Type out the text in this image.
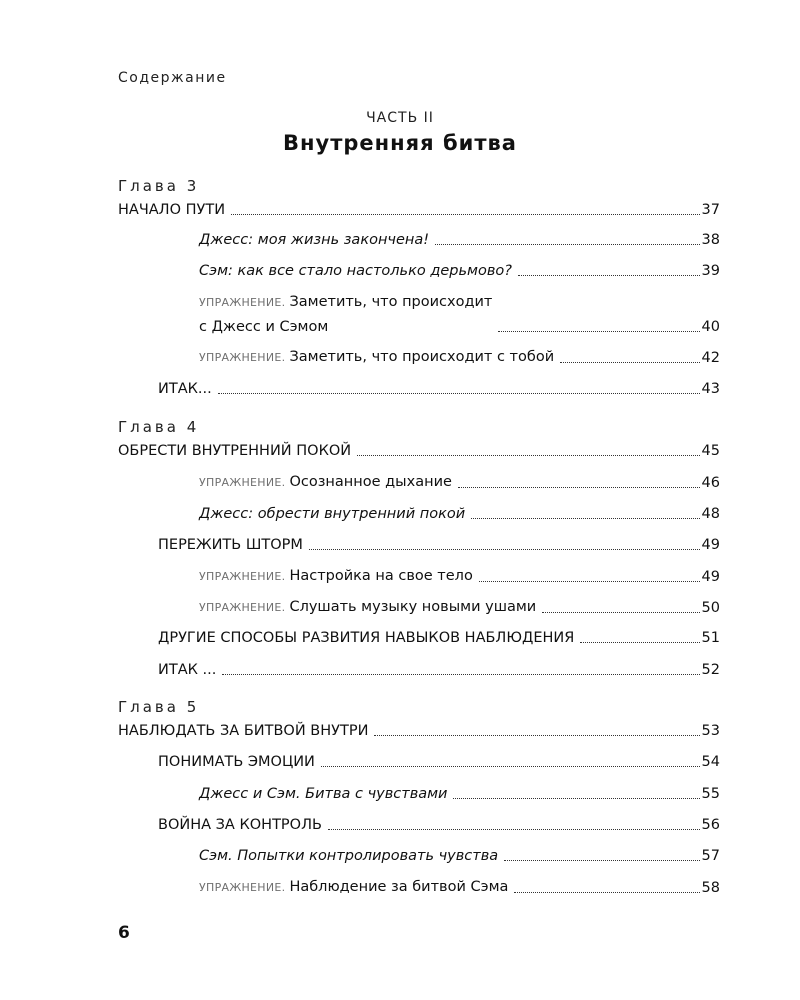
Содержание
ЧАСТЬ II
Внутренняя битва
Глава 3
НАЧАЛО ПУТИ	37
Джесс: моя жизнь закончена!	38
Сэм: как все стало настолько дерьмово?	39
УПРАЖНЕНИЕ. Заметить, что происходит
с Джесс и Сэмом	40
УПРАЖНЕНИЕ. Заметить, что происходит с тобой	42
ИТАК...	43
Глава 4
ОБРЕСТИ ВНУТРЕННИЙ ПОКОЙ	45
УПРАЖНЕНИЕ. Осознанное дыхание	46
Джесс: обрести внутренний покой	48
ПЕРЕЖИТЬ ШТОРМ	49
УПРАЖНЕНИЕ. Настройка на свое тело	49
УПРАЖНЕНИЕ. Слушать музыку новыми ушами	50
ДРУГИЕ СПОСОБЫ РАЗВИТИЯ НАВЫКОВ НАБЛЮДЕНИЯ	51
ИТАК ...	52
Глава 5
НАБЛЮДАТЬ ЗА БИТВОЙ ВНУТРИ	53
ПОНИМАТЬ ЭМОЦИИ	54
Джесс и Сэм. Битва с чувствами	55
ВОЙНА ЗА КОНТРОЛЬ	56
Сэм. Попытки контролировать чувства	57
УПРАЖНЕНИЕ. Наблюдение за битвой Сэма	58
6
